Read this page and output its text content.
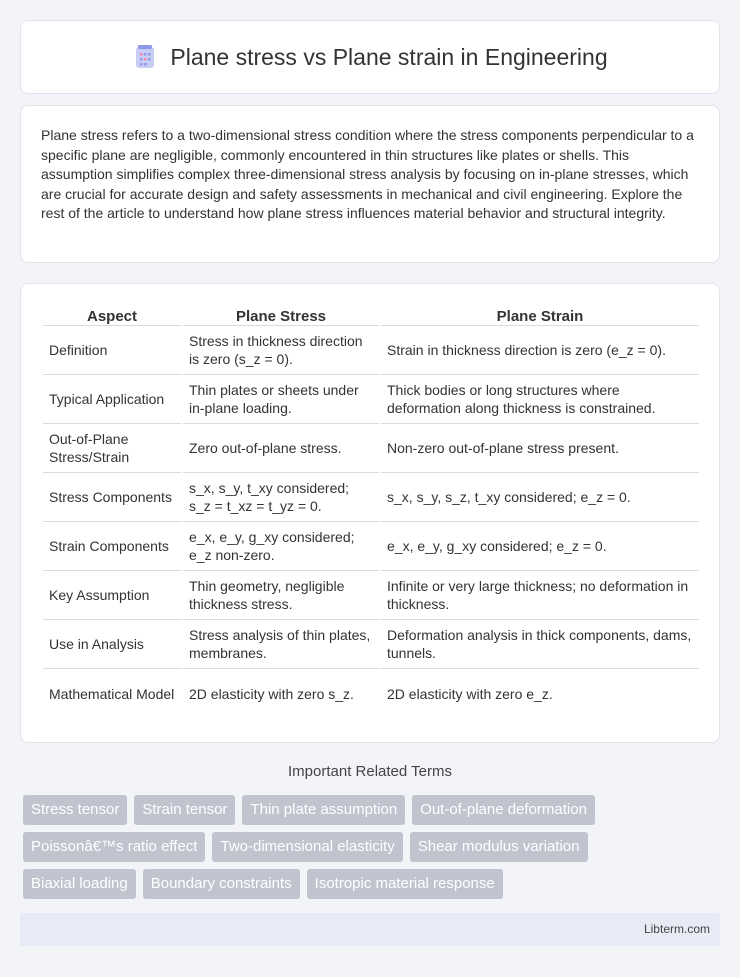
Plane stress vs Plane strain in Engineering

Plane stress refers to a two-dimensional stress condition where the stress components perpendicular to a specific plane are negligible, commonly encountered in thin structures like plates or shells. This assumption simplifies complex three-dimensional stress analysis by focusing on in-plane stresses, which are crucial for accurate design and safety assessments in mechanical and civil engineering. Explore the rest of the article to understand how plane stress influences material behavior and structural integrity.

Aspect	Plane Stress	Plane Strain
Definition	Stress in thickness direction is zero (s_z = 0).	Strain in thickness direction is zero (e_z = 0).
Typical Application	Thin plates or sheets under in-plane loading.	Thick bodies or long structures where deformation along thickness is constrained.
Out-of-Plane Stress/Strain	Zero out-of-plane stress.	Non-zero out-of-plane stress present.
Stress Components	s_x, s_y, t_xy considered; s_z = t_xz = t_yz = 0.	s_x, s_y, s_z, t_xy considered; e_z = 0.
Strain Components	e_x, e_y, g_xy considered; e_z non-zero.	e_x, e_y, g_xy considered; e_z = 0.
Key Assumption	Thin geometry, negligible thickness stress.	Infinite or very large thickness; no deformation in thickness.
Use in Analysis	Stress analysis of thin plates, membranes.	Deformation analysis in thick components, dams, tunnels.
Mathematical Model	2D elasticity with zero s_z.	2D elasticity with zero e_z.
Important Related Terms
Stress tensor	Strain tensor	Thin plate assumption	Out-of-plane deformation
Poissonâ€™s ratio effect	Two-dimensional elasticity	Shear modulus variation
Biaxial loading	Boundary constraints	Isotropic material response
Libterm.com
